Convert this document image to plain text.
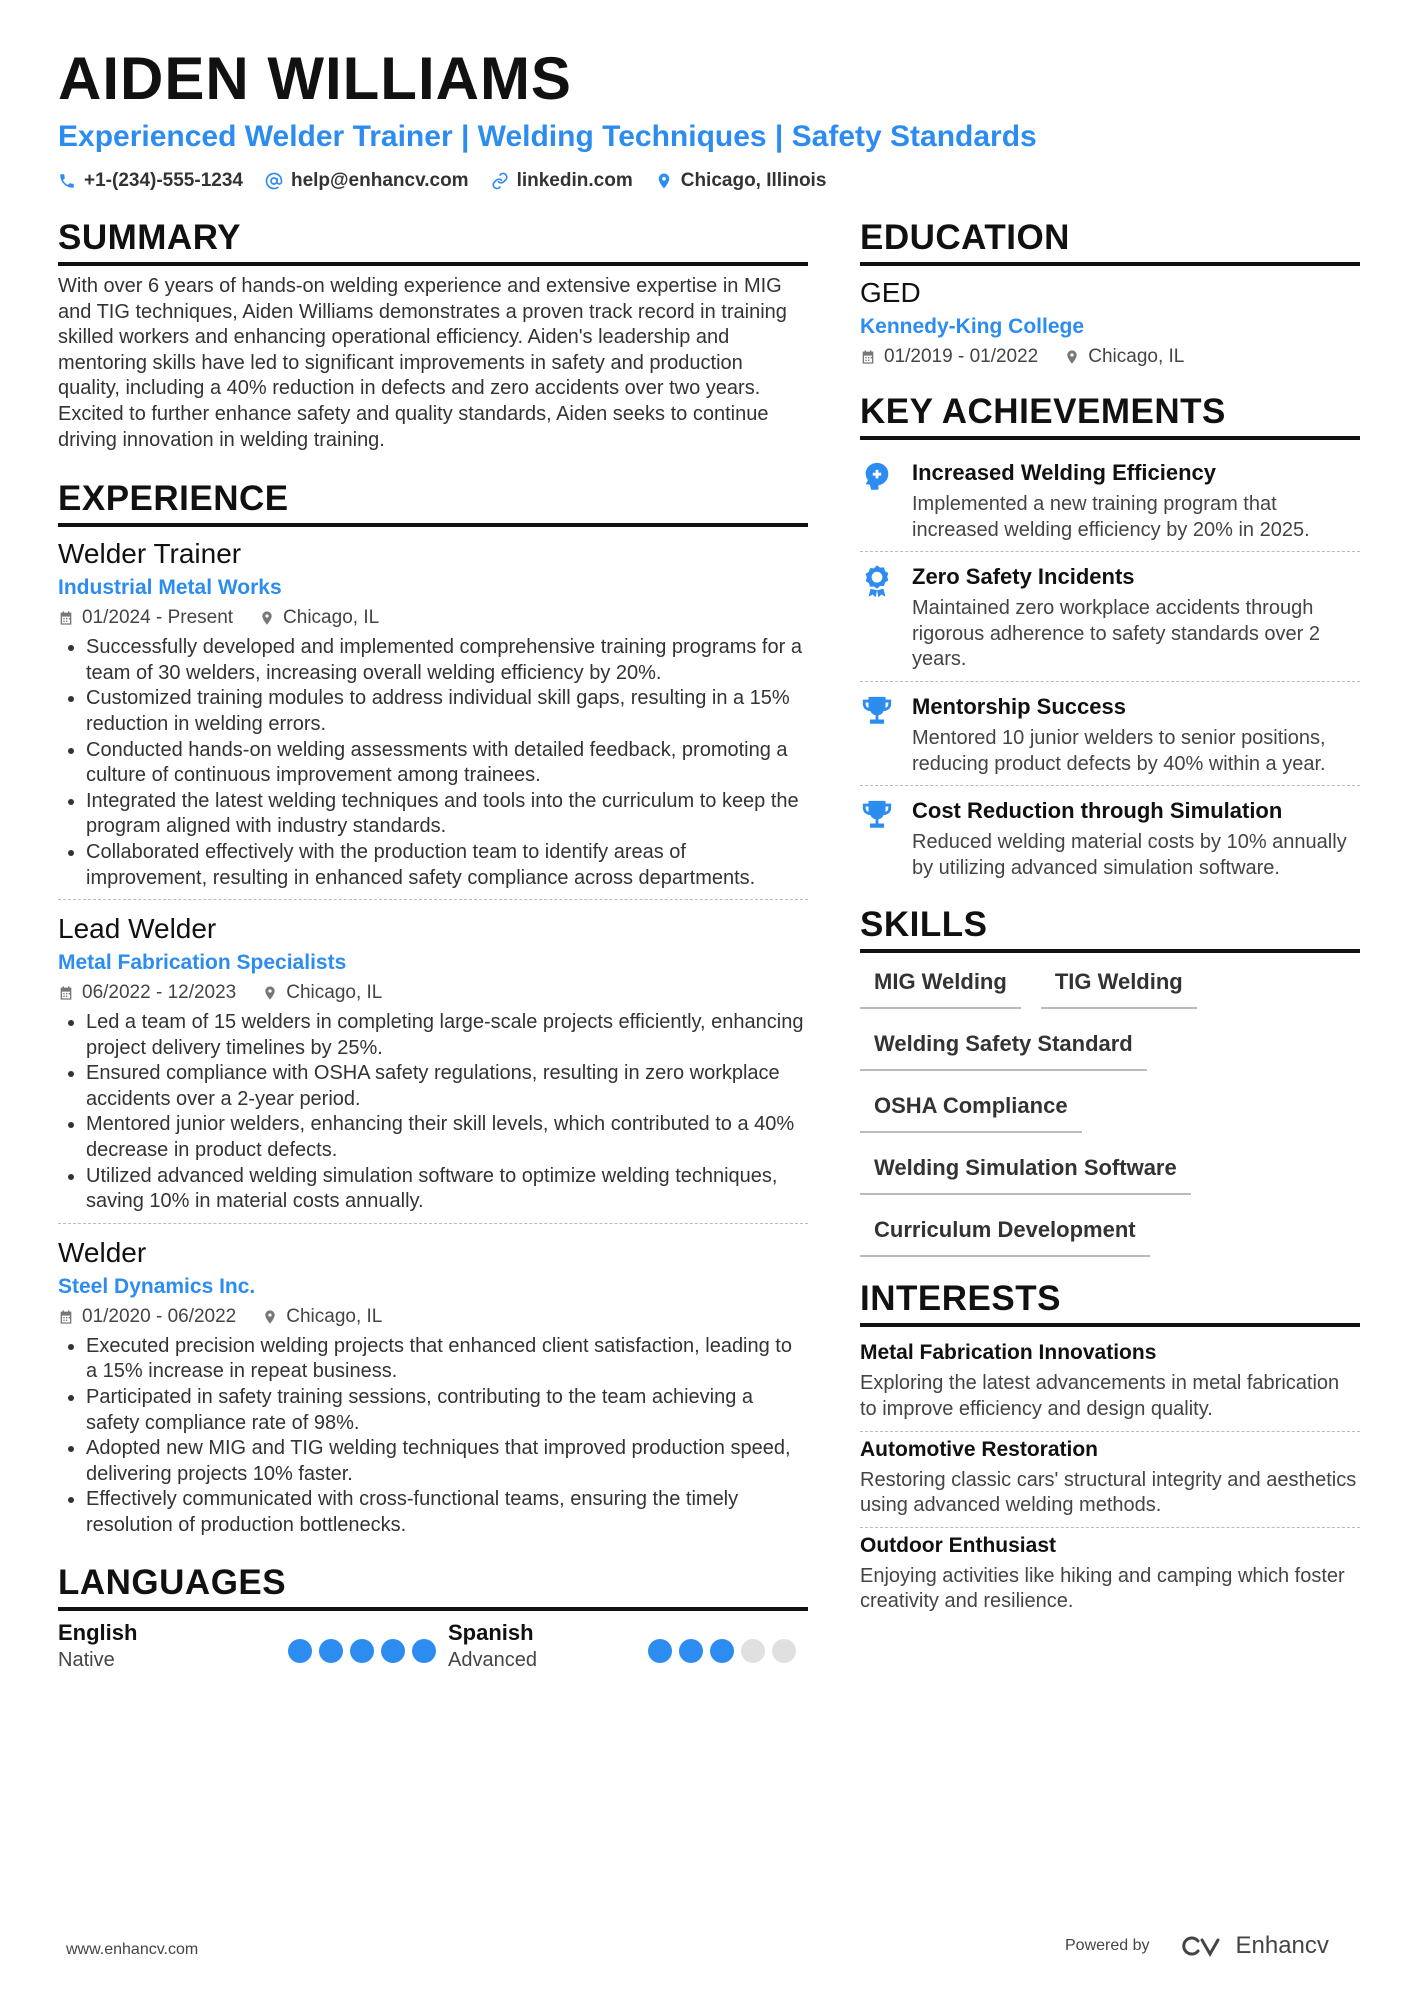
AIDEN WILLIAMS
Experienced Welder Trainer | Welding Techniques | Safety Standards
+1-(234)-555-1234	help@enhancv.com	linkedin.com	Chicago, Illinois
SUMMARY

With over 6 years of hands-on welding experience and extensive expertise in MIG and TIG techniques, Aiden Williams demonstrates a proven track record in training skilled workers and enhancing operational efficiency. Aiden's leadership and mentoring skills have led to significant improvements in safety and production quality, including a 40% reduction in defects and zero accidents over two years. Excited to further enhance safety and quality standards, Aiden seeks to continue driving innovation in welding training.

EXPERIENCE
Welder Trainer
Industrial Metal Works
01/2024 - Present	Chicago, IL
• Successfully developed and implemented comprehensive training programs for a team of 30 welders, increasing overall welding efficiency by 20%.
• Customized training modules to address individual skill gaps, resulting in a 15% reduction in welding errors.
• Conducted hands-on welding assessments with detailed feedback, promoting a culture of continuous improvement among trainees.
• Integrated the latest welding techniques and tools into the curriculum to keep the program aligned with industry standards.
• Collaborated effectively with the production team to identify areas of improvement, resulting in enhanced safety compliance across departments.
Lead Welder
Metal Fabrication Specialists
06/2022 - 12/2023	Chicago, IL
• Led a team of 15 welders in completing large-scale projects efficiently, enhancing project delivery timelines by 25%.
• Ensured compliance with OSHA safety regulations, resulting in zero workplace accidents over a 2-year period.
• Mentored junior welders, enhancing their skill levels, which contributed to a 40% decrease in product defects.
• Utilized advanced welding simulation software to optimize welding techniques, saving 10% in material costs annually.
Welder
Steel Dynamics Inc.
01/2020 - 06/2022	Chicago, IL
• Executed precision welding projects that enhanced client satisfaction, leading to a 15% increase in repeat business.
• Participated in safety training sessions, contributing to the team achieving a safety compliance rate of 98%.
• Adopted new MIG and TIG welding techniques that improved production speed, delivering projects 10% faster.
• Effectively communicated with cross-functional teams, ensuring the timely resolution of production bottlenecks.
LANGUAGES
English
Native
Spanish
Advanced
EDUCATION
GED
Kennedy-King College
01/2019 - 01/2022	Chicago, IL
KEY ACHIEVEMENTS
Increased Welding Efficiency
Implemented a new training program that increased welding efficiency by 20% in 2025.
Zero Safety Incidents
Maintained zero workplace accidents through rigorous adherence to safety standards over 2 years.
Mentorship Success
Mentored 10 junior welders to senior positions, reducing product defects by 40% within a year.
Cost Reduction through Simulation
Reduced welding material costs by 10% annually by utilizing advanced simulation software.
SKILLS
MIG Welding	TIG Welding
Welding Safety Standard
OSHA Compliance
Welding Simulation Software
Curriculum Development
INTERESTS
Metal Fabrication Innovations
Exploring the latest advancements in metal fabrication to improve efficiency and design quality.
Automotive Restoration
Restoring classic cars' structural integrity and aesthetics using advanced welding methods.
Outdoor Enthusiast
Enjoying activities like hiking and camping which foster creativity and resilience.
www.enhancv.com	Powered by	Enhancv
